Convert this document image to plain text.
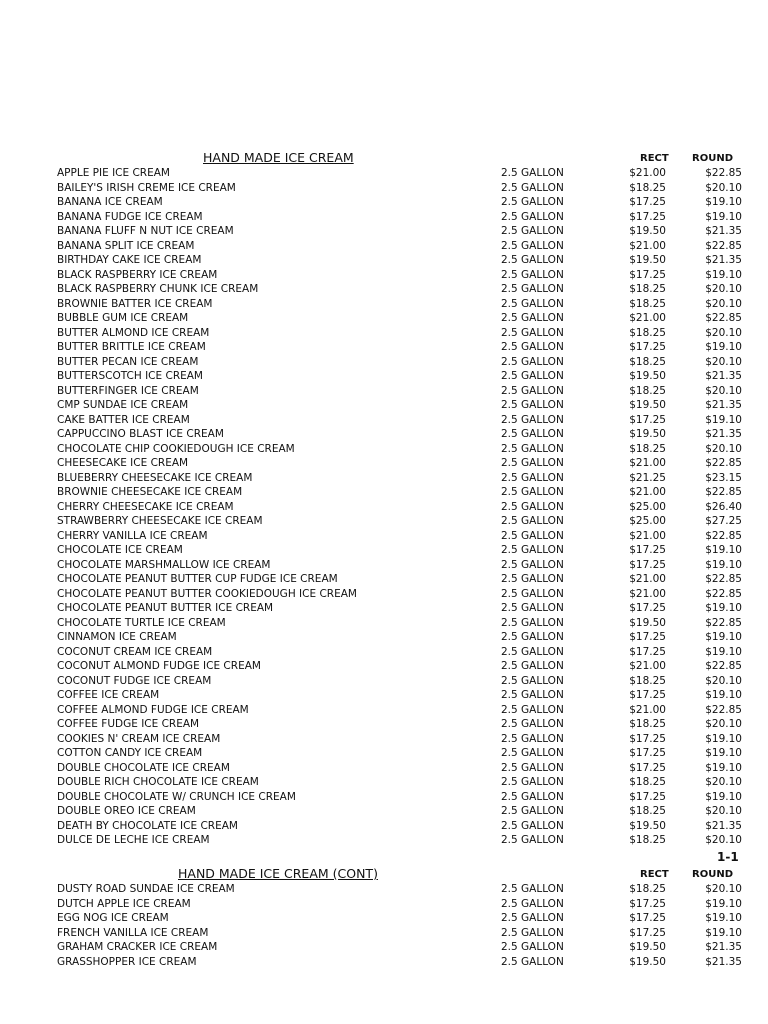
HAND MADE ICE CREAM	RECT ROUND
APPLE PIE ICE CREAM	2.5 GALLON	$21.00	$22.85
BAILEY'S IRISH CREME ICE CREAM	2.5 GALLON	$18.25	$20.10
BANANA ICE CREAM	2.5 GALLON	$17.25	$19.10
BANANA FUDGE ICE CREAM	2.5 GALLON	$17.25	$19.10
BANANA FLUFF N NUT ICE CREAM	2.5 GALLON	$19.50	$21.35
BANANA SPLIT ICE CREAM	2.5 GALLON	$21.00	$22.85
BIRTHDAY CAKE ICE CREAM	2.5 GALLON	$19.50	$21.35
BLACK RASPBERRY ICE CREAM	2.5 GALLON	$17.25	$19.10
BLACK RASPBERRY CHUNK ICE CREAM	2.5 GALLON	$18.25	$20.10
BROWNIE BATTER ICE CREAM	2.5 GALLON	$18.25	$20.10
BUBBLE GUM ICE CREAM	2.5 GALLON	$21.00	$22.85
BUTTER ALMOND ICE CREAM	2.5 GALLON	$18.25	$20.10
BUTTER BRITTLE ICE CREAM	2.5 GALLON	$17.25	$19.10
BUTTER PECAN ICE CREAM	2.5 GALLON	$18.25	$20.10
BUTTERSCOTCH ICE CREAM	2.5 GALLON	$19.50	$21.35
BUTTERFINGER ICE CREAM	2.5 GALLON	$18.25	$20.10
CMP SUNDAE ICE CREAM	2.5 GALLON	$19.50	$21.35
CAKE BATTER ICE CREAM	2.5 GALLON	$17.25	$19.10
CAPPUCCINO BLAST ICE CREAM	2.5 GALLON	$19.50	$21.35
CHOCOLATE CHIP COOKIEDOUGH ICE CREAM	2.5 GALLON	$18.25	$20.10
CHEESECAKE ICE CREAM	2.5 GALLON	$21.00	$22.85
BLUEBERRY CHEESECAKE ICE CREAM	2.5 GALLON	$21.25	$23.15
BROWNIE CHEESECAKE ICE CREAM	2.5 GALLON	$21.00	$22.85
CHERRY CHEESECAKE ICE CREAM	2.5 GALLON	$25.00	$26.40
STRAWBERRY CHEESECAKE ICE CREAM	2.5 GALLON	$25.00	$27.25
CHERRY VANILLA ICE CREAM	2.5 GALLON	$21.00	$22.85
CHOCOLATE ICE CREAM	2.5 GALLON	$17.25	$19.10
CHOCOLATE MARSHMALLOW ICE CREAM	2.5 GALLON	$17.25	$19.10
CHOCOLATE PEANUT BUTTER CUP FUDGE ICE CREAM	2.5 GALLON	$21.00	$22.85
CHOCOLATE PEANUT BUTTER COOKIEDOUGH ICE CREAM	2.5 GALLON	$21.00	$22.85
CHOCOLATE PEANUT BUTTER ICE CREAM	2.5 GALLON	$17.25	$19.10
CHOCOLATE TURTLE ICE CREAM	2.5 GALLON	$19.50	$22.85
CINNAMON ICE CREAM	2.5 GALLON	$17.25	$19.10
COCONUT CREAM ICE CREAM	2.5 GALLON	$17.25	$19.10
COCONUT ALMOND FUDGE ICE CREAM	2.5 GALLON	$21.00	$22.85
COCONUT FUDGE ICE CREAM	2.5 GALLON	$18.25	$20.10
COFFEE ICE CREAM	2.5 GALLON	$17.25	$19.10
COFFEE ALMOND FUDGE ICE CREAM	2.5 GALLON	$21.00	$22.85
COFFEE FUDGE ICE CREAM	2.5 GALLON	$18.25	$20.10
COOKIES N' CREAM ICE CREAM	2.5 GALLON	$17.25	$19.10
COTTON CANDY ICE CREAM	2.5 GALLON	$17.25	$19.10
DOUBLE CHOCOLATE ICE CREAM	2.5 GALLON	$17.25	$19.10
DOUBLE RICH CHOCOLATE ICE CREAM	2.5 GALLON	$18.25	$20.10
DOUBLE CHOCOLATE W/ CRUNCH ICE CREAM	2.5 GALLON	$17.25	$19.10
DOUBLE OREO ICE CREAM	2.5 GALLON	$18.25	$20.10
DEATH BY CHOCOLATE ICE CREAM	2.5 GALLON	$19.50	$21.35
DULCE DE LECHE ICE CREAM	2.5 GALLON	$18.25	$20.10
1-1
HAND MADE ICE CREAM (CONT)	RECT ROUND
DUSTY ROAD SUNDAE ICE CREAM	2.5 GALLON	$18.25	$20.10
DUTCH APPLE ICE CREAM	2.5 GALLON	$17.25	$19.10
EGG NOG ICE CREAM	2.5 GALLON	$17.25	$19.10
FRENCH VANILLA ICE CREAM	2.5 GALLON	$17.25	$19.10
GRAHAM CRACKER ICE CREAM	2.5 GALLON	$19.50	$21.35
GRASSHOPPER ICE CREAM	2.5 GALLON	$19.50	$21.35
